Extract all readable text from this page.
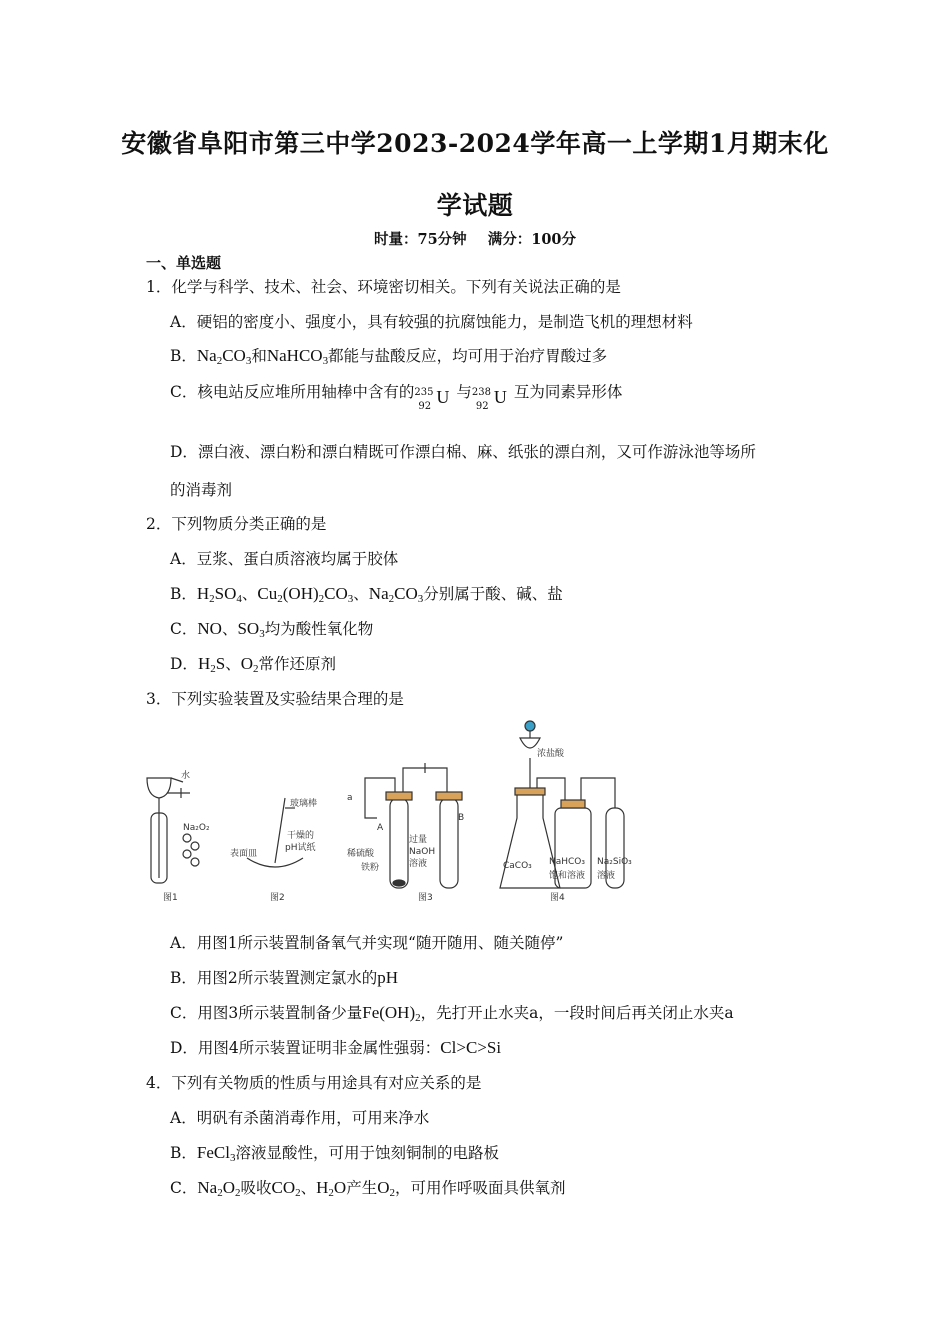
安徽省阜阳市第三中学2023-2024学年高一上学期1月期末化
学试题
时量：75分钟 满分：100分
一、单选题
1．化学与科学、技术、社会、环境密切相关。下列有关说法正确的是
A．硬铝的密度小、强度小，具有较强的抗腐蚀能力，是制造飞机的理想材料
B．$Na_2CO_3$和NaHCO$_3$都能与盐酸反应，均可用于治疗胃酸过多
C．核电站反应堆所用轴棒中含有的 235
92 U 与 238
92 U 互为同素异形体
D．漂白液、漂白粉和漂白精既可作漂白棉、麻、纸张的漂白剂，又可作游泳池等场所
的消毒剂
2．下列物质分类正确的是
A．豆浆、蛋白质溶液均属于胶体
B．$H_2SO_4$、$Cu_2(OH)_2CO_3$、$Na_2CO_3$分别属于酸、碱、盐
C．NO、$SO_3$均为酸性氧化物
D．$H_2S$、$O_2$常作还原剂
3．下列实验装置及实验结果合理的是
水
Na₂O₂
表面皿
玻璃棒
干燥的
pH试纸
a
A
B
稀硫酸
铁粉
过量
NaOH
溶液
浓盐酸
CaCO₃ NaHCO₃
饱和溶液
Na₂SiO₃
溶液
图1	图2	图3	图4
A．用图1所示装置制备氧气并实现“随开随用、随关随停”
B．用图2所示装置测定氯水的pH
C．用图3所示装置制备少量$Fe(OH)_2$，先打开止水夹a，一段时间后再关闭止水夹a
D．用图4所示装置证明非金属性强弱：Cl>C>Si
4．下列有关物质的性质与用途具有对应关系的是
A．明矾有杀菌消毒作用，可用来净水
B．FeCl$_3$溶液显酸性，可用于蚀刻铜制的电路板
C．$Na_2O_2$吸收$CO_2$、$H_2O$产生$O_2$，可用作呼吸面具供氧剂
